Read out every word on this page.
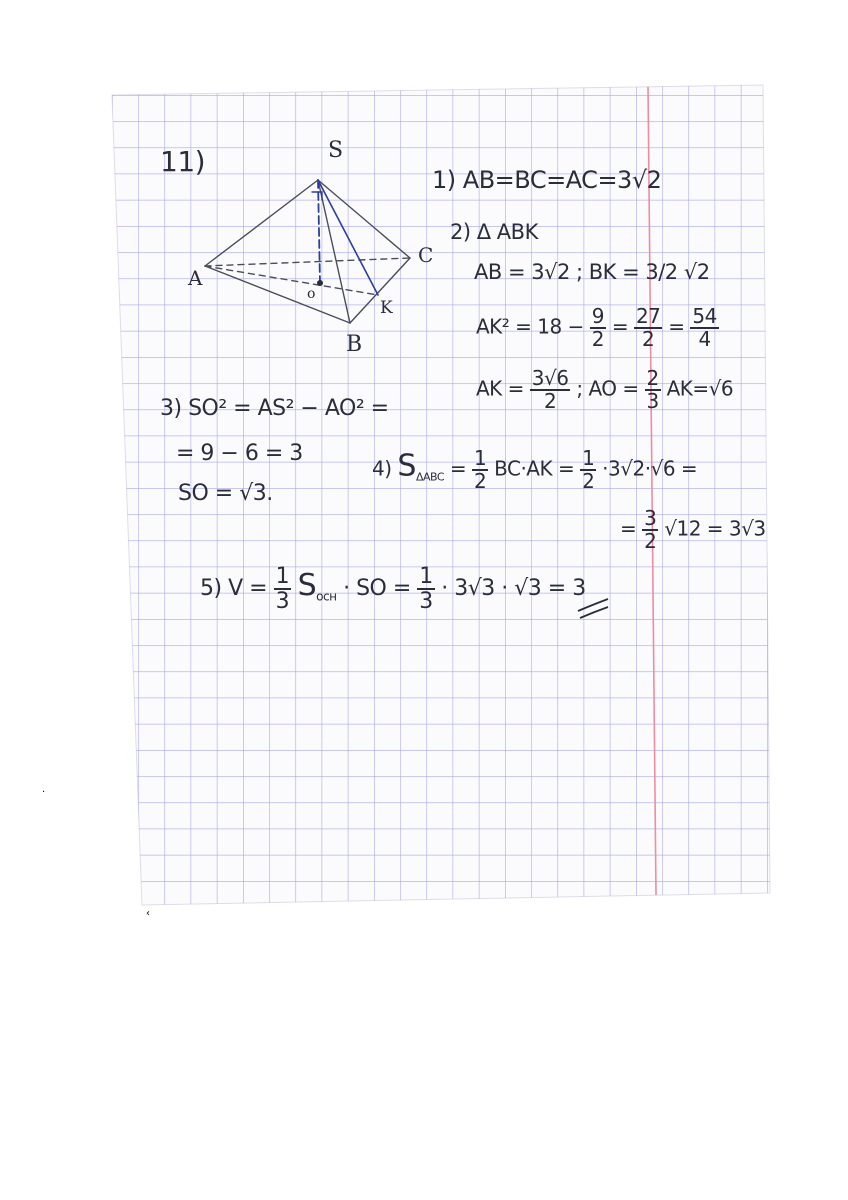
·
‹
11)	S
A
B
C
o
K
1) AB=BC=AC=3√2
2) Δ ABK
AB = 3√2 ; BK = 3/2 √2
$AK^2 = 18 - \frac{9}{2} = \frac{27}{2} = \frac{54}{4}$
AK = $\frac{3√6}{2}$ ; AO = $\frac{2}{3} AK=√6$
3) SO² = AS² − AO² =
= 9 − 6 = 3
SO = √3.
4) $S_{\Delta ABC} = \frac{1}{2} BC\cdot AK = \frac{1}{2} \cdot 3√2\cdot√6$ =
= $\frac{3}{2} √12 = 3√3$
5) $V = \frac{1}{3} S_{осн}$ · SO = $\frac{1}{3} \cdot 3√3 \cdot √3 = 3$
